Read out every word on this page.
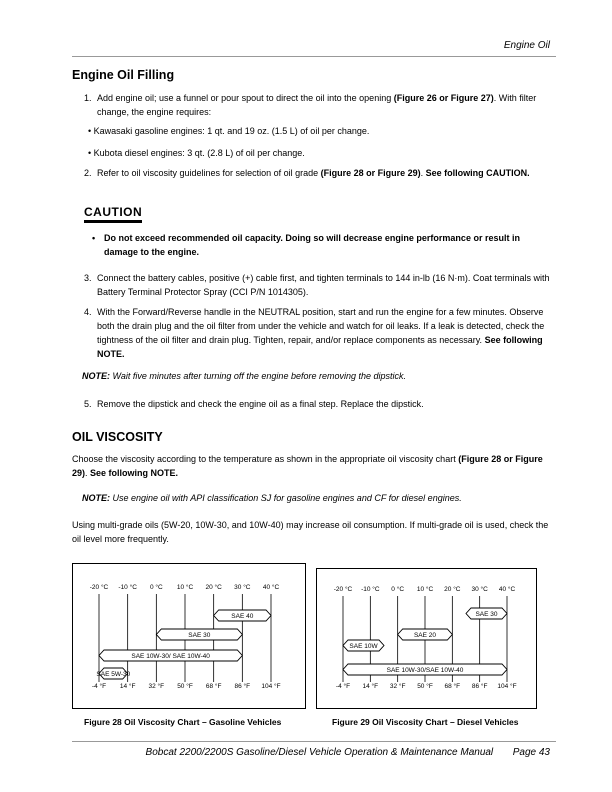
Engine Oil
Engine Oil Filling
1. Add engine oil; use a funnel or pour spout to direct the oil into the opening (Figure 26 or Figure 27). With filter change, the engine requires:
• Kawasaki gasoline engines: 1 qt. and 19 oz. (1.5 L) of oil per change.
• Kubota diesel engines: 3 qt. (2.8 L) of oil per change.
2. Refer to oil viscosity guidelines for selection of oil grade (Figure 28 or Figure 29). See following CAUTION.
CAUTION
• Do not exceed recommended oil capacity. Doing so will decrease engine performance or result in damage to the engine.
3. Connect the battery cables, positive (+) cable first, and tighten terminals to 144 in-lb (16 N·m). Coat terminals with Battery Terminal Protector Spray (CCI P/N 1014305).
4. With the Forward/Reverse handle in the NEUTRAL position, start and run the engine for a few minutes. Observe both the drain plug and the oil filter from under the vehicle and watch for oil leaks. If a leak is detected, check the tightness of the oil filter and drain plug. Tighten, repair, and/or replace components as necessary. See following NOTE.
NOTE: Wait five minutes after turning off the engine before removing the dipstick.
5. Remove the dipstick and check the engine oil as a final step. Replace the dipstick.
OIL VISCOSITY
Choose the viscosity according to the temperature as shown in the appropriate oil viscosity chart (Figure 28 or Figure 29). See following NOTE.
NOTE: Use engine oil with API classification SJ for gasoline engines and CF for diesel engines.
Using multi-grade oils (5W-20, 10W-30, and 10W-40) may increase oil consumption. If multi-grade oil is used, check the oil level more frequently.
-20 °C
-4 °F
-10 °C
14 °F
0 °C
32 °F
10 °C
50 °F
20 °C
68 °F
30 °C
86 °F
40 °C
104 °F
SAE 40
SAE 30
SAE 10W-30/ SAE 10W-40
SAE 5W-30
-20 °C
-4 °F
-10 °C
14 °F
0 °C
32 °F
10 °C
50 °F
20 °C
68 °F
30 °C
86 °F
40 °C
104 °F
SAE 30
SAE 20
SAE 10W
SAE 10W-30/SAE 10W-40
Figure 28 Oil Viscosity Chart – Gasoline Vehicles	Figure 29 Oil Viscosity Chart – Diesel Vehicles
Bobcat 2200/2200S Gasoline/Diesel Vehicle Operation & Maintenance Manual Page 43
